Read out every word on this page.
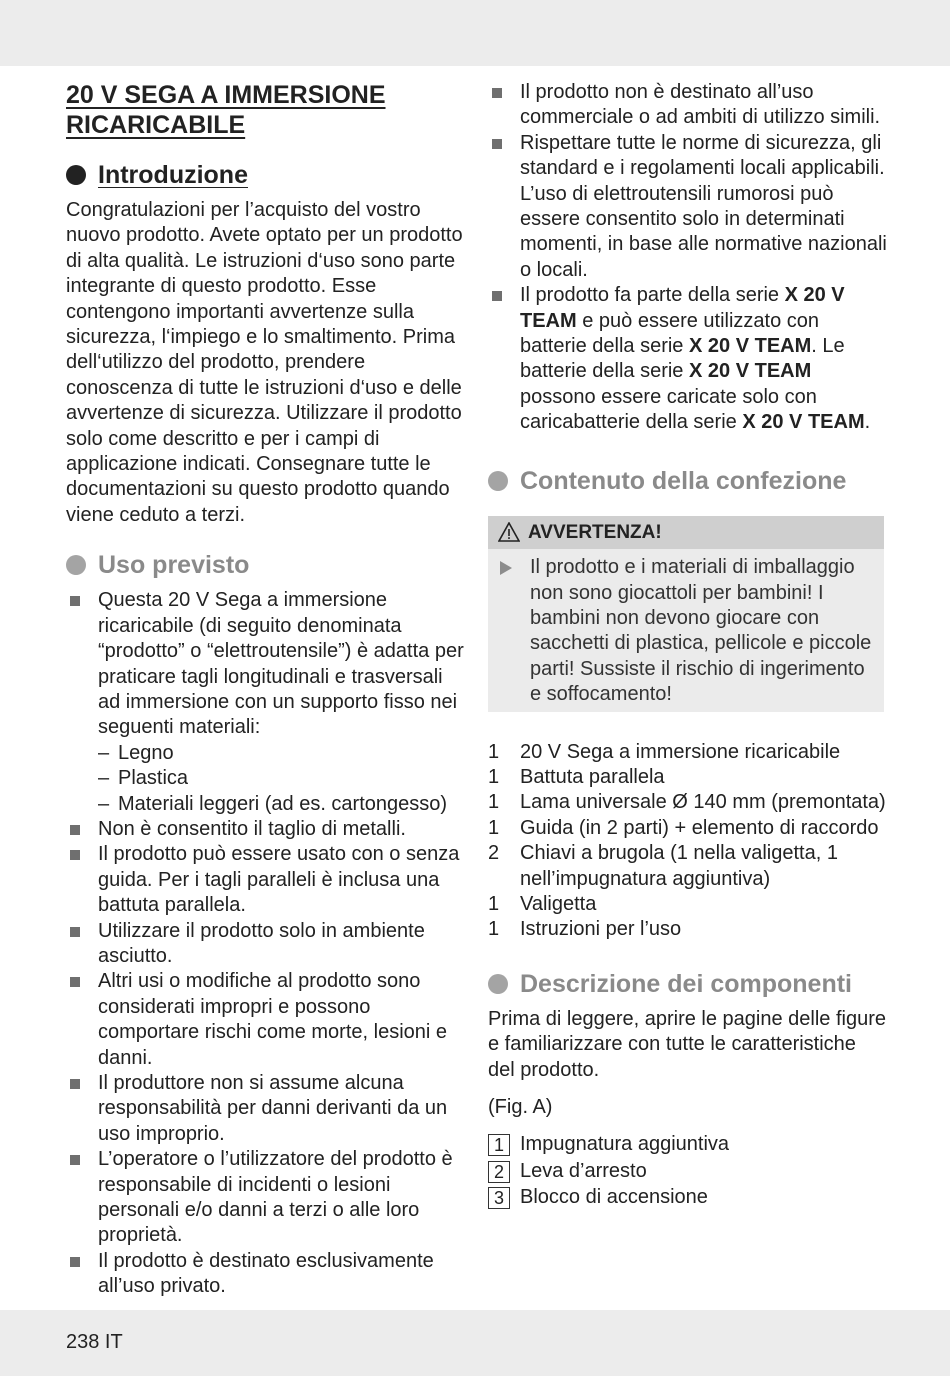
20 V SEGA A IMMERSIONE RICARICABILE
Introduzione

Congratulazioni per l’acquisto del vostro nuovo prodotto. Avete optato per un prodotto di alta qualità. Le istruzioni d‘uso sono parte integrante di questo prodotto. Esse contengono importanti avvertenze sulla sicurezza, l‘impiego e lo smaltimento. Prima dell‘utilizzo del prodotto, prendere conoscenza di tutte le istruzioni d‘uso e delle avvertenze di sicurezza. Utilizzare il prodotto solo come descritto e per i campi di applicazione indicati. Consegnare tutte le documentazioni su questo prodotto quando viene ceduto a terzi.

Uso previsto
Questa 20 V Sega a immersione ricaricabile (di seguito denominata “prodotto” o “elettroutensile”) è adatta per praticare tagli longitudinali e trasversali ad immersione con un supporto fisso nei seguenti materiali:
– Legno
– Plastica
– Materiali leggeri (ad es. cartongesso)
Non è consentito il taglio di metalli.
Il prodotto può essere usato con o senza guida. Per i tagli paralleli è inclusa una battuta parallela.
Utilizzare il prodotto solo in ambiente asciutto.
Altri usi o modifiche al prodotto sono considerati impropri e possono comportare rischi come morte, lesioni e danni.
Il produttore non si assume alcuna responsabilità per danni derivanti da un uso improprio.
L’operatore o l’utilizzatore del prodotto è responsabile di incidenti o lesioni personali e/o danni a terzi o alle loro proprietà.
Il prodotto è destinato esclusivamente all’uso privato.
Il prodotto non è destinato all’uso commerciale o ad ambiti di utilizzo simili.
Rispettare tutte le norme di sicurezza, gli standard e i regolamenti locali applicabili. L’uso di elettroutensili rumorosi può essere consentito solo in determinati momenti, in base alle normative nazionali o locali.
Il prodotto fa parte della serie X 20 V TEAM e può essere utilizzato con batterie della serie X 20 V TEAM. Le batterie della serie X 20 V TEAM possono essere caricate solo con caricabatterie della serie X 20 V TEAM.
Contenuto della confezione
AVVERTENZA!
Il prodotto e i materiali di imballaggio non sono giocattoli per bambini! I bambini non devono giocare con sacchetti di plastica, pellicole e piccole parti! Sussiste il rischio di ingerimento e soffocamento!
1	20 V Sega a immersione ricaricabile
1	Battuta parallela
1	Lama universale Ø 140 mm (premontata)
1	Guida (in 2 parti) + elemento di raccordo
2	Chiavi a brugola (1 nella valigetta, 1 nell’impugnatura aggiuntiva)
1	Valigetta
1	Istruzioni per l’uso
Descrizione dei componenti

Prima di leggere, aprire le pagine delle figure e familiarizzare con tutte le caratteristiche del prodotto.

(Fig. A)

1 Impugnatura aggiuntiva
2 Leva d’arresto
3 Blocco di accensione
238 IT
